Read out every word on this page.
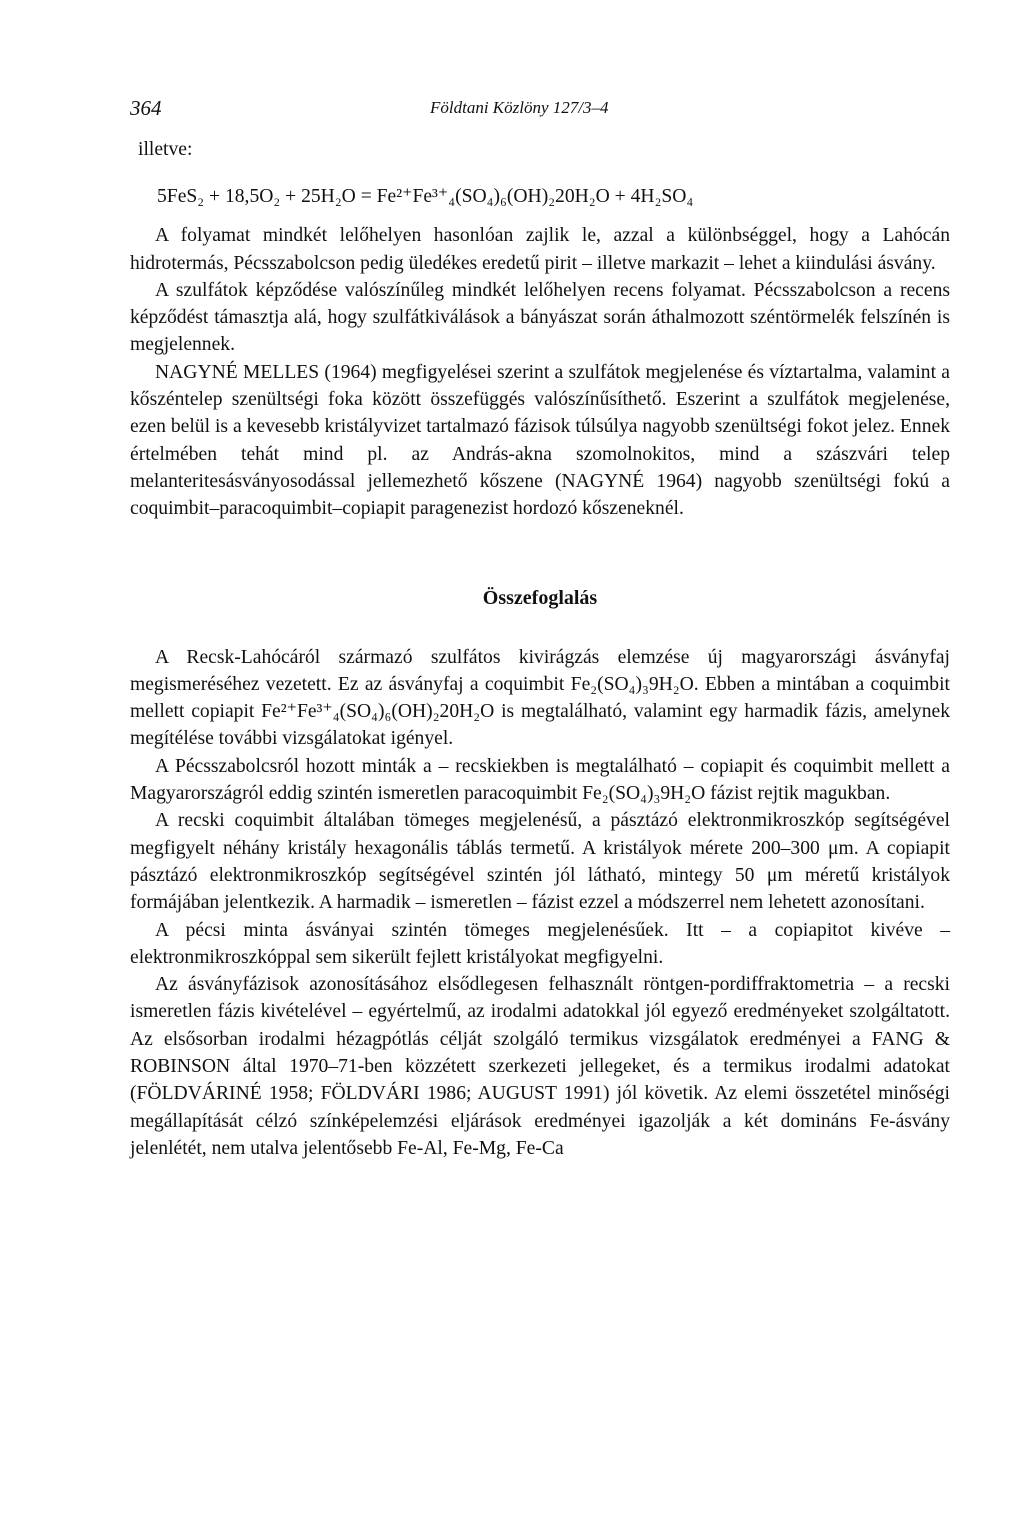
364	Földtani Közlöny 127/3–4

illetve:

5FeS₂ + 18,5O₂ + 25H₂O = Fe²⁺Fe³⁺₄(SO₄)₆(OH)₂20H₂O + 4H₂SO₄

A folyamat mindkét lelőhelyen hasonlóan zajlik le, azzal a különbséggel, hogy a Lahócán hidrotermás, Pécsszabolcson pedig üledékes eredetű pirit – illetve markazit – lehet a kiindulási ásvány.

A szulfátok képződése valószínűleg mindkét lelőhelyen recens folyamat. Pécsszabolcson a recens képződést támasztja alá, hogy szulfátkiválások a bányászat során áthalmozott széntörmelék felszínén is megjelennek.

NAGYNÉ MELLES (1964) megfigyelései szerint a szulfátok megjelenése és víztartalma, valamint a kőszéntelep szenültségi foka között összefüggés valószínűsíthető. Eszerint a szulfátok megjelenése, ezen belül is a kevesebb kristályvizet tartalmazó fázisok túlsúlya nagyobb szenültségi fokot jelez. Ennek értelmében tehát mind pl. az András-akna szomolnokitos, mind a szászvári telep melanteritesásványosodással jellemezhető kőszene (NAGYNÉ 1964) nagyobb szenültségi fokú a coquimbit–paracoquimbit–copiapit paragenezist hordozó kőszeneknél.

Összefoglalás

A Recsk-Lahócáról származó szulfátos kivirágzás elemzése új magyarországi ásványfaj megismeréséhez vezetett. Ez az ásványfaj a coquimbit Fe₂(SO₄)₃9H₂O. Ebben a mintában a coquimbit mellett copiapit Fe²⁺Fe³⁺₄(SO₄)₆(OH)₂20H₂O is megtalálható, valamint egy harmadik fázis, amelynek megítélése további vizsgálatokat igényel.

A Pécsszabolcsról hozott minták a – recskiekben is megtalálható – copiapit és coquimbit mellett a Magyarországról eddig szintén ismeretlen paracoquimbit Fe₂(SO₄)₃9H₂O fázist rejtik magukban.

A recski coquimbit általában tömeges megjelenésű, a pásztázó elektronmikroszkóp segítségével megfigyelt néhány kristály hexagonális táblás termetű. A kristályok mérete 200–300 μm. A copiapit pásztázó elektronmikroszkóp segítségével szintén jól látható, mintegy 50 μm méretű kristályok formájában jelentkezik. A harmadik – ismeretlen – fázist ezzel a módszerrel nem lehetett azonosítani.

A pécsi minta ásványai szintén tömeges megjelenésűek. Itt – a copiapitot kivéve – elektronmikroszkóppal sem sikerült fejlett kristályokat megfigyelni.

Az ásványfázisok azonosításához elsődlegesen felhasznált röntgen-pordiffraktometria – a recski ismeretlen fázis kivételével – egyértelmű, az irodalmi adatokkal jól egyező eredményeket szolgáltatott. Az elsősorban irodalmi hézagpótlás célját szolgáló termikus vizsgálatok eredményei a FANG & ROBINSON által 1970–71-ben közzétett szerkezeti jellegeket, és a termikus irodalmi adatokat (FÖLDVÁRINÉ 1958; FÖLDVÁRI 1986; AUGUST 1991) jól követik. Az elemi összetétel minőségi megállapítását célzó színképelemzési eljárások eredményei igazolják a két domináns Fe-ásvány jelenlétét, nem utalva jelentősebb Fe-Al, Fe-Mg, Fe-Ca
